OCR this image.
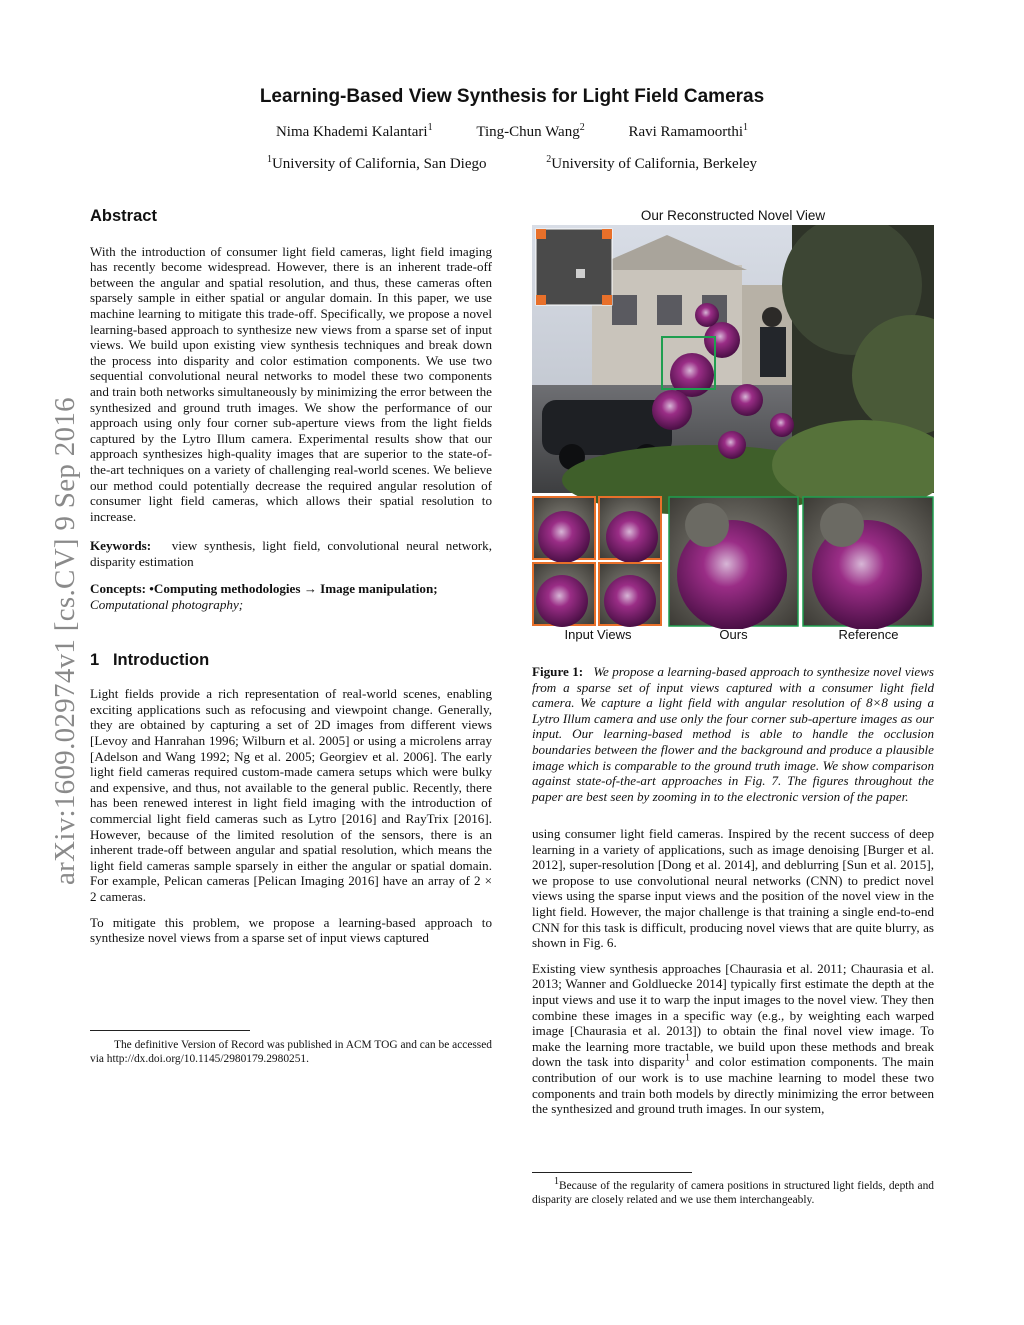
arXiv:1609.02974v1 [cs.CV] 9 Sep 2016
Learning-Based View Synthesis for Light Field Cameras
Nima Khademi Kalantari$^1$	Ting-Chun Wang$^2$	Ravi Ramamoorthi$^1$
$^1$University of California, San Diego	$^2$University of California, Berkeley
Abstract

With the introduction of consumer light field cameras, light field imaging has recently become widespread. However, there is an inherent trade-off between the angular and spatial resolution, and thus, these cameras often sparsely sample in either spatial or angular domain. In this paper, we use machine learning to mitigate this trade-off. Specifically, we propose a novel learning-based approach to synthesize new views from a sparse set of input views. We build upon existing view synthesis techniques and break down the process into disparity and color estimation components. We use two sequential convolutional neural networks to model these two components and train both networks simultaneously by minimizing the error between the synthesized and ground truth images. We show the performance of our approach using only four corner sub-aperture views from the light fields captured by the Lytro Illum camera. Experimental results show that our approach synthesizes high-quality images that are superior to the state-of-the-art techniques on a variety of challenging real-world scenes. We believe our method could potentially decrease the required angular resolution of consumer light field cameras, which allows their spatial resolution to increase.

Keywords: view synthesis, light field, convolutional neural network, disparity estimation

Concepts: •Computing methodologies → Image manipulation;
Computational photography;

1 Introduction

Light fields provide a rich representation of real-world scenes, enabling exciting applications such as refocusing and viewpoint change. Generally, they are obtained by capturing a set of 2D images from different views [Levoy and Hanrahan 1996; Wilburn et al. 2005] or using a microlens array [Adelson and Wang 1992; Ng et al. 2005; Georgiev et al. 2006]. The early light field cameras required custom-made camera setups which were bulky and expensive, and thus, not available to the general public. Recently, there has been renewed interest in light field imaging with the introduction of commercial light field cameras such as Lytro [2016] and RayTrix [2016]. However, because of the limited resolution of the sensors, there is an inherent trade-off between angular and spatial resolution, which means the light field cameras sample sparsely in either the angular or spatial domain. For example, Pelican cameras [Pelican Imaging 2016] have an array of 2 × 2 cameras.

To mitigate this problem, we propose a learning-based approach to synthesize novel views from a sparse set of input views captured

The definitive Version of Record was published in ACM TOG and can be accessed via http://dx.doi.org/10.1145/2980179.2980251.
Our Reconstructed Novel View
Input Views	Ours	Reference

Figure 1: We propose a learning-based approach to synthesize novel views from a sparse set of input views captured with a consumer light field camera. We capture a light field with angular resolution of 8×8 using a Lytro Illum camera and use only the four corner sub-aperture images as our input. Our learning-based method is able to handle the occlusion boundaries between the flower and the background and produce a plausible image which is comparable to the ground truth image. We show comparison against state-of-the-art approaches in Fig. 7. The figures throughout the paper are best seen by zooming in to the electronic version of the paper.

using consumer light field cameras. Inspired by the recent success of deep learning in a variety of applications, such as image denoising [Burger et al. 2012], super-resolution [Dong et al. 2014], and deblurring [Sun et al. 2015], we propose to use convolutional neural networks (CNN) to predict novel views using the sparse input views and the position of the novel view in the light field. However, the major challenge is that training a single end-to-end CNN for this task is difficult, producing novel views that are quite blurry, as shown in Fig. 6.

Existing view synthesis approaches [Chaurasia et al. 2011; Chaurasia et al. 2013; Wanner and Goldluecke 2014] typically first estimate the depth at the input views and use it to warp the input images to the novel view. They then combine these images in a specific way (e.g., by weighting each warped image [Chaurasia et al. 2013]) to obtain the final novel view image. To make the learning more tractable, we build upon these methods and break down the task into disparity$^1$ and color estimation components. The main contribution of our work is to use machine learning to model these two components and train both models by directly minimizing the error between the synthesized and ground truth images. In our system,

$^1$Because of the regularity of camera positions in structured light fields, depth and disparity are closely related and we use them interchangeably.
